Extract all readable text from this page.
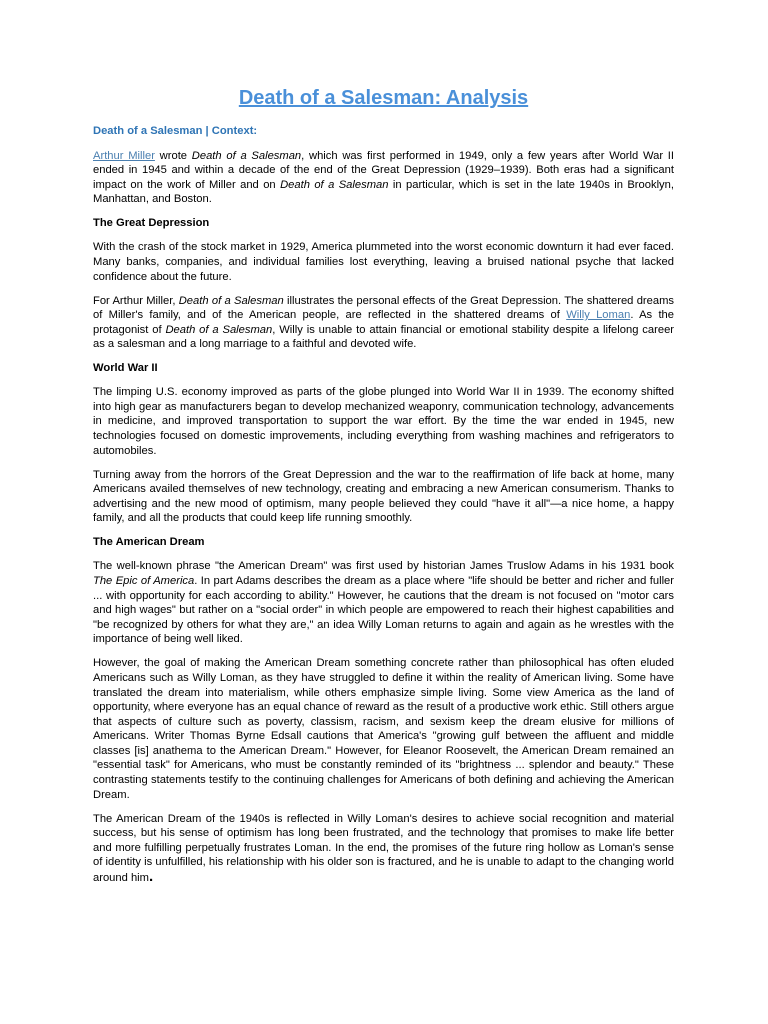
Death of a Salesman: Analysis
Death of a Salesman | Context:

Arthur Miller wrote Death of a Salesman, which was first performed in 1949, only a few years after World War II ended in 1945 and within a decade of the end of the Great Depression (1929–1939). Both eras had a significant impact on the work of Miller and on Death of a Salesman in particular, which is set in the late 1940s in Brooklyn, Manhattan, and Boston.

The Great Depression

With the crash of the stock market in 1929, America plummeted into the worst economic downturn it had ever faced. Many banks, companies, and individual families lost everything, leaving a bruised national psyche that lacked confidence about the future.

For Arthur Miller, Death of a Salesman illustrates the personal effects of the Great Depression. The shattered dreams of Miller's family, and of the American people, are reflected in the shattered dreams of Willy Loman. As the protagonist of Death of a Salesman, Willy is unable to attain financial or emotional stability despite a lifelong career as a salesman and a long marriage to a faithful and devoted wife.

World War II

The limping U.S. economy improved as parts of the globe plunged into World War II in 1939. The economy shifted into high gear as manufacturers began to develop mechanized weaponry, communication technology, advancements in medicine, and improved transportation to support the war effort. By the time the war ended in 1945, new technologies focused on domestic improvements, including everything from washing machines and refrigerators to automobiles.

Turning away from the horrors of the Great Depression and the war to the reaffirmation of life back at home, many Americans availed themselves of new technology, creating and embracing a new American consumerism. Thanks to advertising and the new mood of optimism, many people believed they could "have it all"—a nice home, a happy family, and all the products that could keep life running smoothly.

The American Dream

The well-known phrase "the American Dream" was first used by historian James Truslow Adams in his 1931 book The Epic of America. In part Adams describes the dream as a place where "life should be better and richer and fuller ... with opportunity for each according to ability." However, he cautions that the dream is not focused on "motor cars and high wages" but rather on a "social order" in which people are empowered to reach their highest capabilities and "be recognized by others for what they are," an idea Willy Loman returns to again and again as he wrestles with the importance of being well liked.

However, the goal of making the American Dream something concrete rather than philosophical has often eluded Americans such as Willy Loman, as they have struggled to define it within the reality of American living. Some have translated the dream into materialism, while others emphasize simple living. Some view America as the land of opportunity, where everyone has an equal chance of reward as the result of a productive work ethic. Still others argue that aspects of culture such as poverty, classism, racism, and sexism keep the dream elusive for millions of Americans. Writer Thomas Byrne Edsall cautions that America's "growing gulf between the affluent and middle classes [is] anathema to the American Dream." However, for Eleanor Roosevelt, the American Dream remained an "essential task" for Americans, who must be constantly reminded of its "brightness ... splendor and beauty." These contrasting statements testify to the continuing challenges for Americans of both defining and achieving the American Dream.

The American Dream of the 1940s is reflected in Willy Loman's desires to achieve social recognition and material success, but his sense of optimism has long been frustrated, and the technology that promises to make life better and more fulfilling perpetually frustrates Loman. In the end, the promises of the future ring hollow as Loman's sense of identity is unfulfilled, his relationship with his older son is fractured, and he is unable to adapt to the changing world around him.
